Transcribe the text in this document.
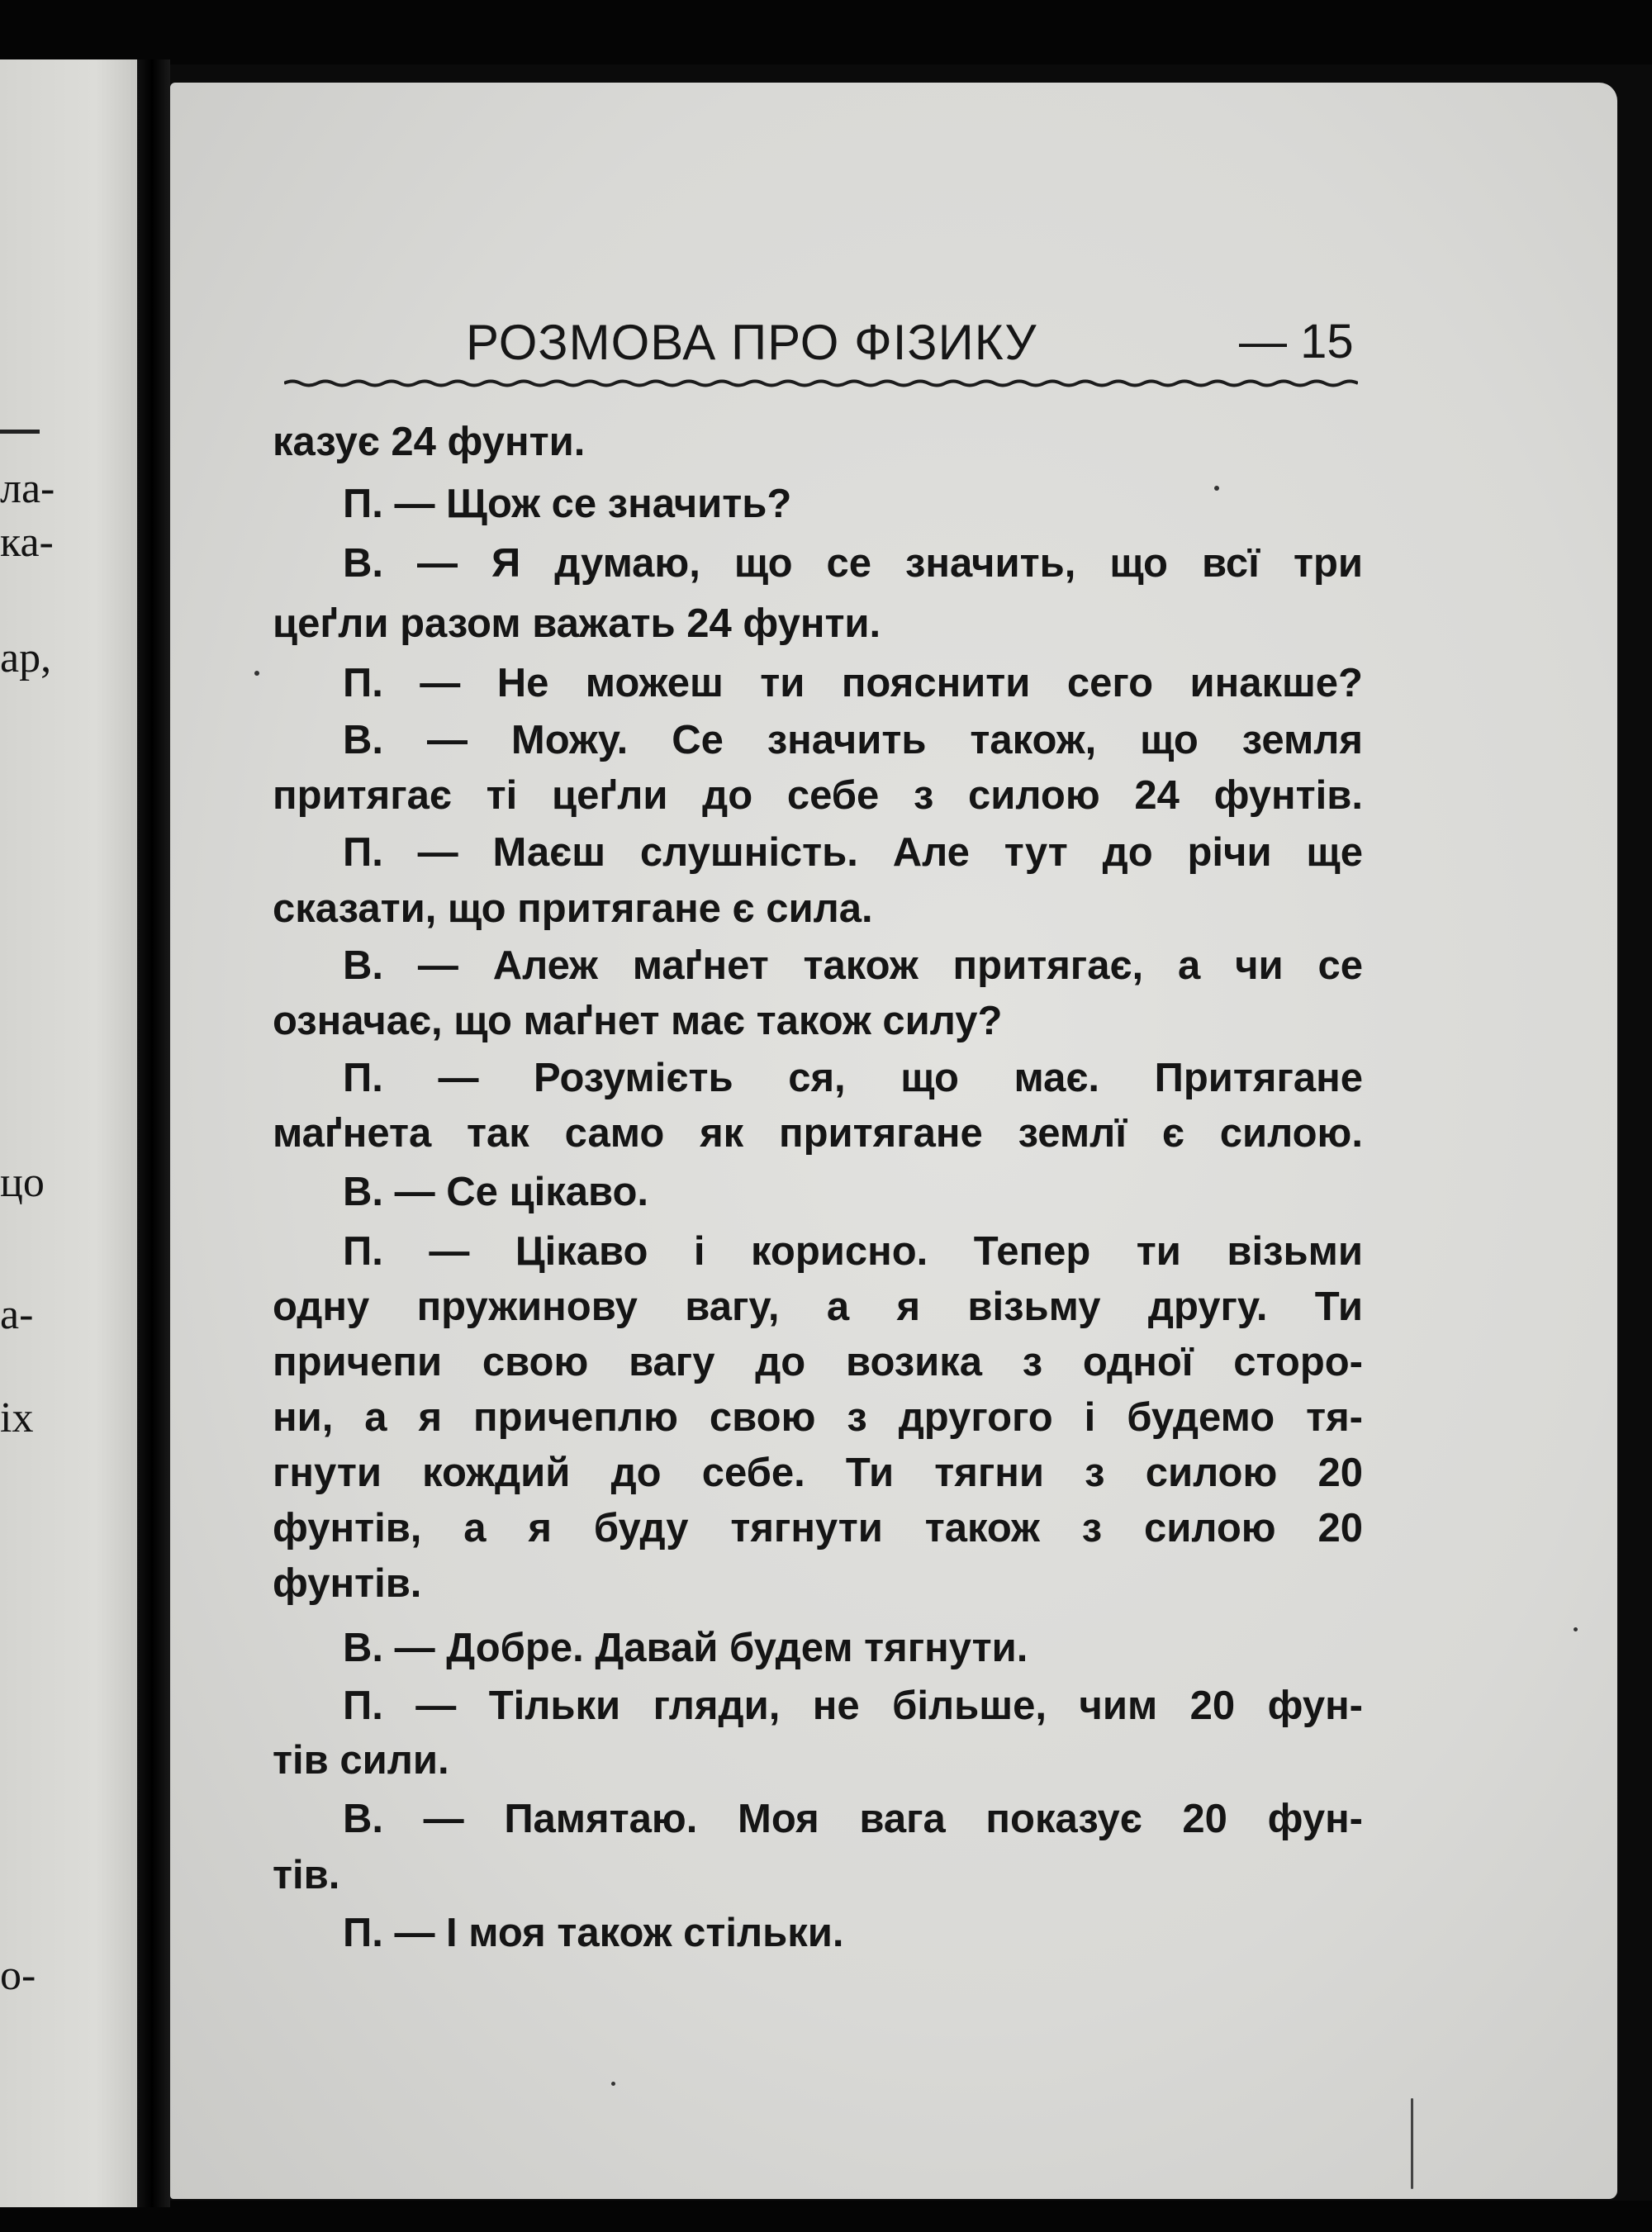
ла-
ка-
ар,
цо
а-
іх
о-
РОЗМОВА ПРО ФІЗИКУ	— 15
казує 24 фунти.
П. — Щож се значить?
В. — Я думаю, що се значить, що всї три
цеґли разом важать 24 фунти.
П. — Не можеш ти пояснити сего инакше?
В. — Можу. Се значить також, що земля
притягає ті цеґли до себе з силою 24 фунтів.
П. — Маєш слушність. Але тут до річи ще
сказати, що притягане є сила.
В. — Алеж маґнет також притягає, а чи се
означає, що маґнет має також силу?
П. — Розумієть ся, що має. Притягане
маґнета так само як притягане землї є силою.
В. — Се цікаво.
П. — Цікаво і корисно. Тепер ти візьми
одну пружинову вагу, а я візьму другу. Ти
причепи свою вагу до возика з одної сторо-
ни, а я причеплю свою з другого і будемо тя-
гнути кождий до себе. Ти тягни з силою 20
фунтів, а я буду тягнути також з силою 20
фунтів.
В. — Добре. Давай будем тягнути.
П. — Тільки гляди, не більше, чим 20 фун-
тів сили.
В. — Памятаю. Моя вага показує 20 фун-
тів.
П. — І моя також стільки.
